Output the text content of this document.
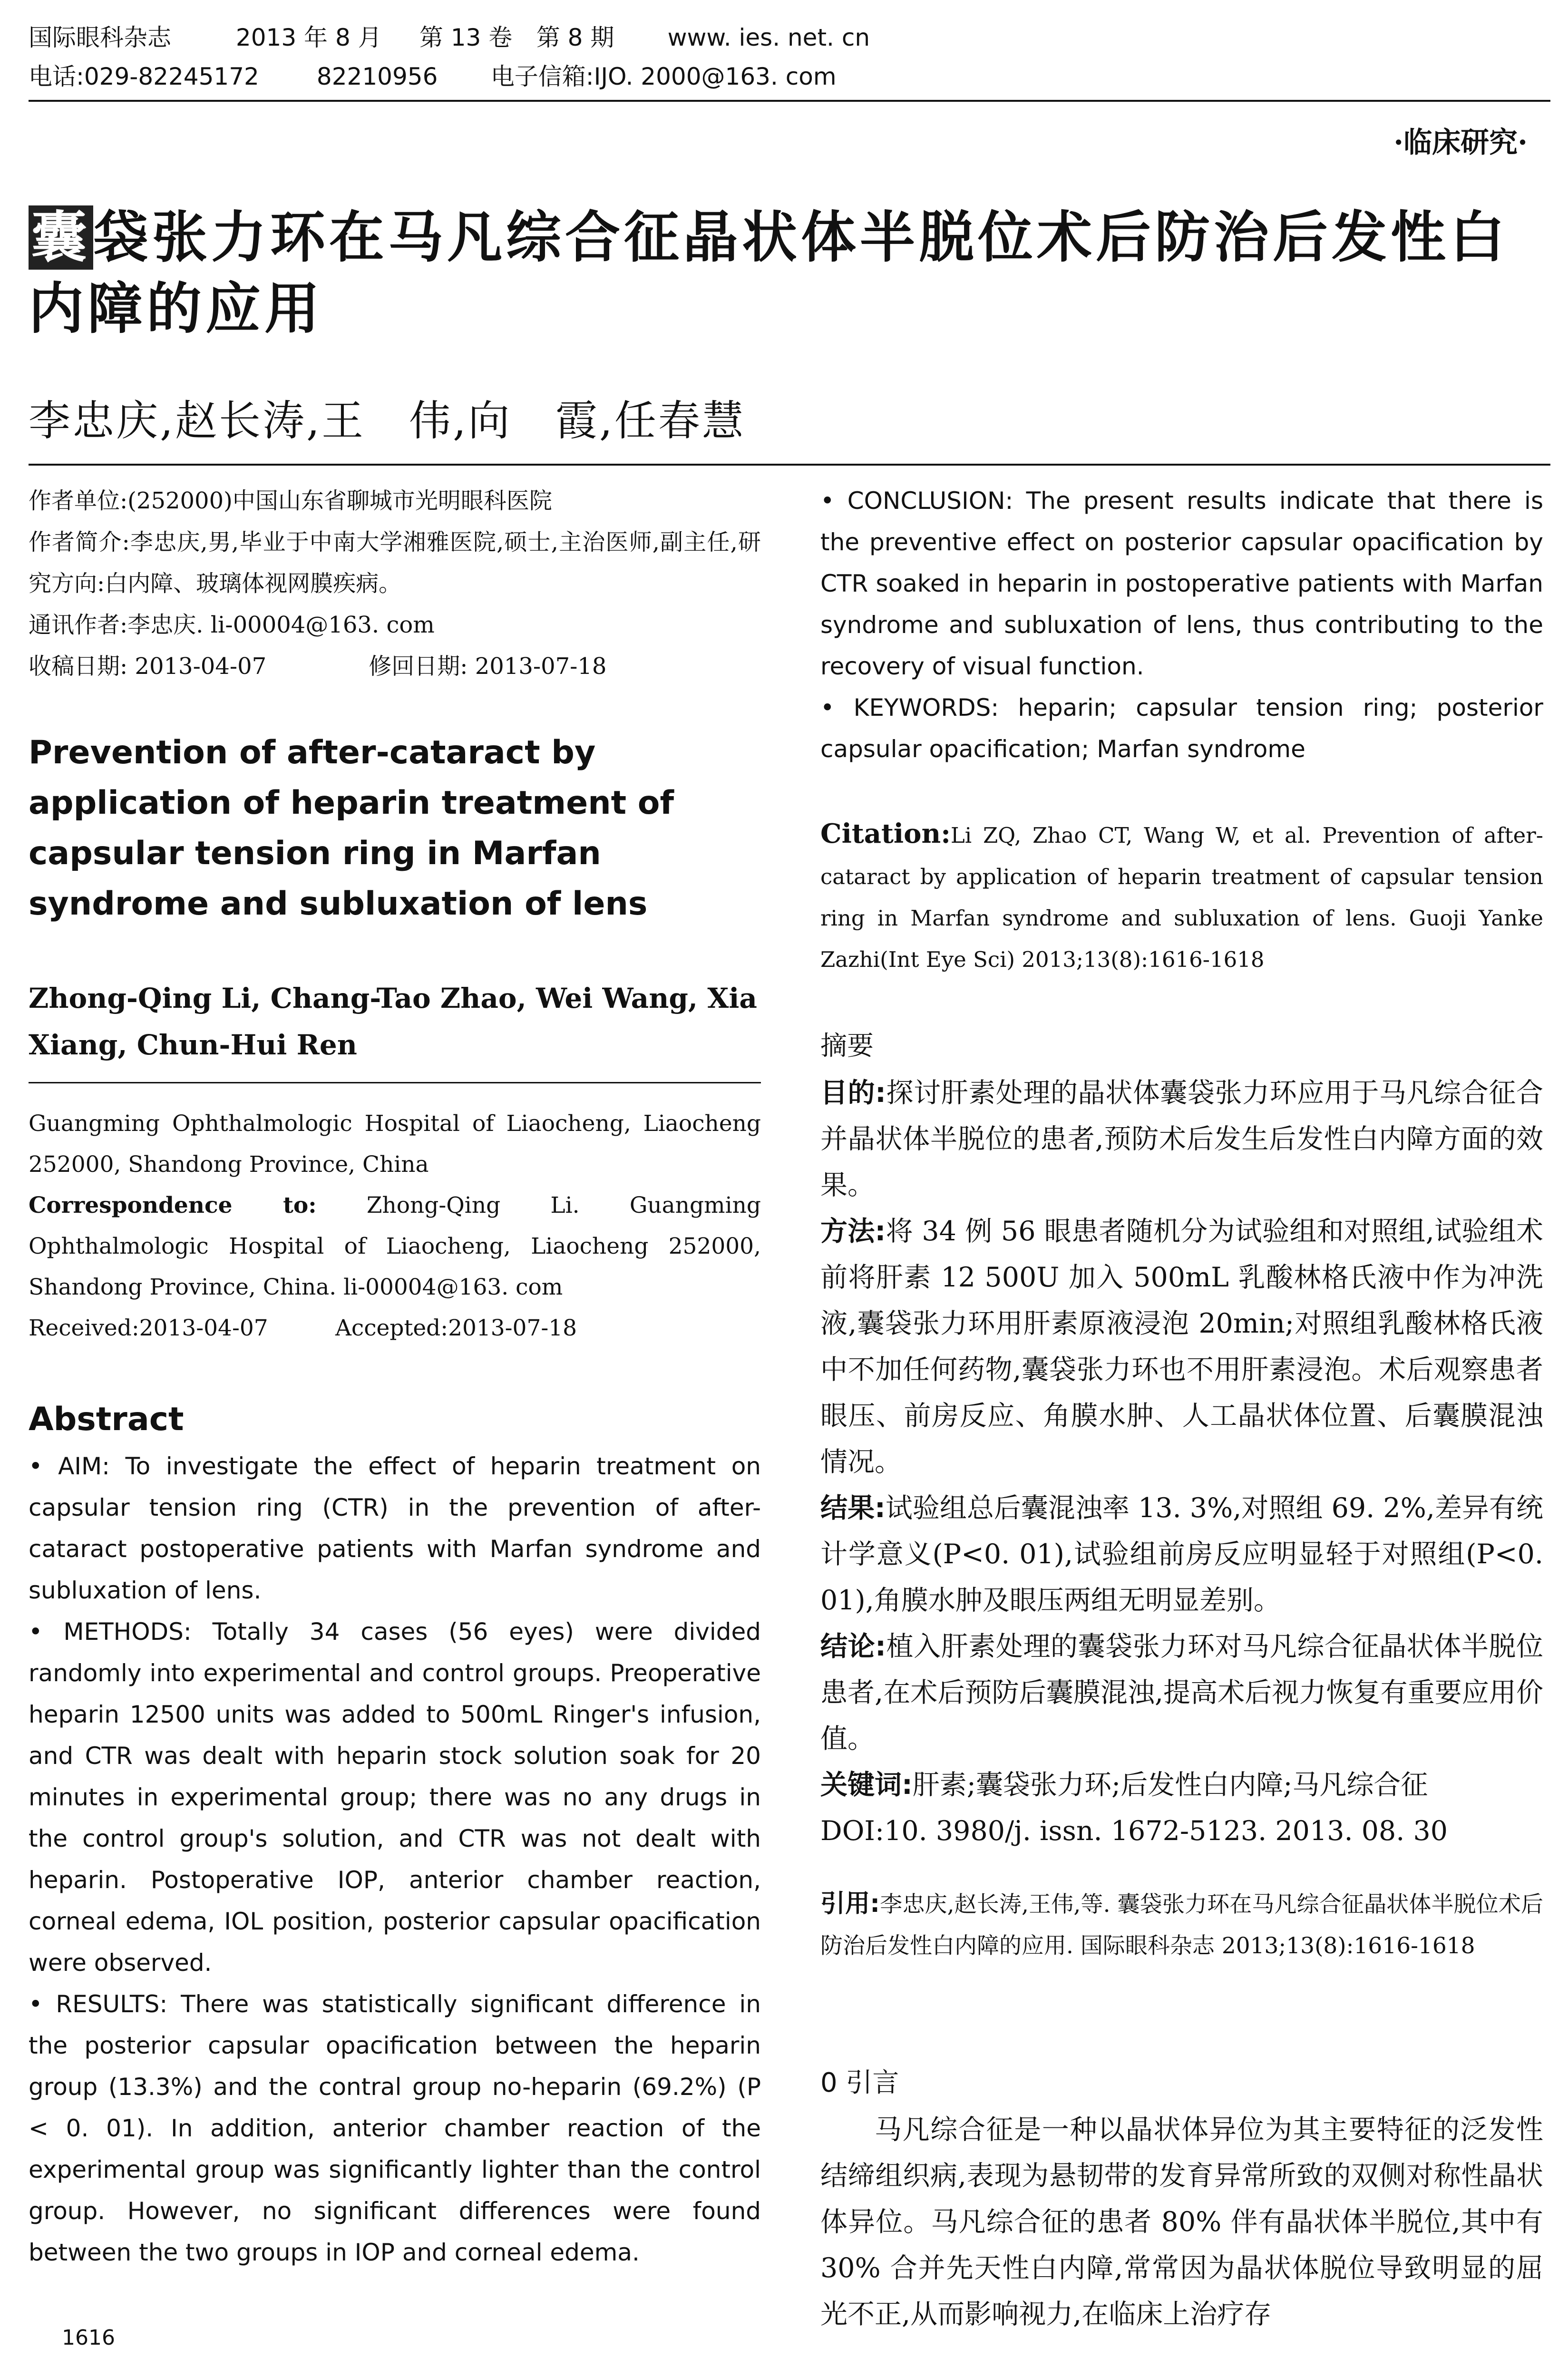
国际眼科杂志	2013 年 8 月 第 13 卷 第 8 期 www. ies. net. cn
电话:029-82245172 82210956 电子信箱:IJO. 2000@163. com
·临床研究·
囊袋张力环在马凡综合征晶状体半脱位术后防治后发性白内障的应用
李忠庆,赵长涛,王　伟,向　霞,任春慧
作者单位:(252000)中国山东省聊城市光明眼科医院
作者简介:李忠庆,男,毕业于中南大学湘雅医院,硕士,主治医师,副主任,研究方向:白内障、玻璃体视网膜疾病。
通讯作者:李忠庆. li-00004@163. com
收稿日期: 2013-04-07	修回日期: 2013-07-18
Prevention of after-cataract by application of heparin treatment of capsular tension ring in Marfan syndrome and subluxation of lens
Zhong-Qing Li, Chang-Tao Zhao, Wei Wang, Xia Xiang, Chun-Hui Ren
Guangming Ophthalmologic Hospital of Liaocheng, Liaocheng 252000, Shandong Province, China
Correspondence to: Zhong-Qing Li. Guangming Ophthalmologic Hospital of Liaocheng, Liaocheng 252000, Shandong Province, China. li-00004@163. com
Received:2013-04-07	Accepted:2013-07-18
Abstract

• AIM: To investigate the effect of heparin treatment on capsular tension ring (CTR) in the prevention of after-cataract postoperative patients with Marfan syndrome and subluxation of lens.

• METHODS: Totally 34 cases (56 eyes) were divided randomly into experimental and control groups. Preoperative heparin 12500 units was added to 500mL Ringer's infusion, and CTR was dealt with heparin stock solution soak for 20 minutes in experimental group; there was no any drugs in the control group's solution, and CTR was not dealt with heparin. Postoperative IOP, anterior chamber reaction, corneal edema, IOL position, posterior capsular opacification were observed.

• RESULTS: There was statistically significant difference in the posterior capsular opacification between the heparin group (13.3%) and the contral group no-heparin (69.2%) (P < 0. 01). In addition, anterior chamber reaction of the experimental group was significantly lighter than the control group. However, no significant differences were found between the two groups in IOP and corneal edema.

1616

• CONCLUSION: The present results indicate that there is the preventive effect on posterior capsular opacification by CTR soaked in heparin in postoperative patients with Marfan syndrome and subluxation of lens, thus contributing to the recovery of visual function.

• KEYWORDS: heparin; capsular tension ring; posterior capsular opacification; Marfan syndrome

Citation:Li ZQ, Zhao CT, Wang W, et al. Prevention of after-cataract by application of heparin treatment of capsular tension ring in Marfan syndrome and subluxation of lens. Guoji Yanke Zazhi(Int Eye Sci) 2013;13(8):1616-1618

摘要

目的:探讨肝素处理的晶状体囊袋张力环应用于马凡综合征合并晶状体半脱位的患者,预防术后发生后发性白内障方面的效果。

方法:将 34 例 56 眼患者随机分为试验组和对照组,试验组术前将肝素 12 500U 加入 500mL 乳酸林格氏液中作为冲洗液,囊袋张力环用肝素原液浸泡 20min;对照组乳酸林格氏液中不加任何药物,囊袋张力环也不用肝素浸泡。术后观察患者眼压、前房反应、角膜水肿、人工晶状体位置、后囊膜混浊情况。

结果:试验组总后囊混浊率 13. 3%,对照组 69. 2%,差异有统计学意义(P<0. 01),试验组前房反应明显轻于对照组(P<0. 01),角膜水肿及眼压两组无明显差别。

结论:植入肝素处理的囊袋张力环对马凡综合征晶状体半脱位患者,在术后预防后囊膜混浊,提高术后视力恢复有重要应用价值。

关键词:肝素;囊袋张力环;后发性白内障;马凡综合征

DOI:10. 3980/j. issn. 1672-5123. 2013. 08. 30

引用:李忠庆,赵长涛,王伟,等. 囊袋张力环在马凡综合征晶状体半脱位术后防治后发性白内障的应用. 国际眼科杂志 2013;13(8):1616-1618

0 引言

马凡综合征是一种以晶状体异位为其主要特征的泛发性结缔组织病,表现为悬韧带的发育异常所致的双侧对称性晶状体异位。马凡综合征的患者 80% 伴有晶状体半脱位,其中有 30% 合并先天性白内障,常常因为晶状体脱位导致明显的屈光不正,从而影响视力,在临床上治疗存
